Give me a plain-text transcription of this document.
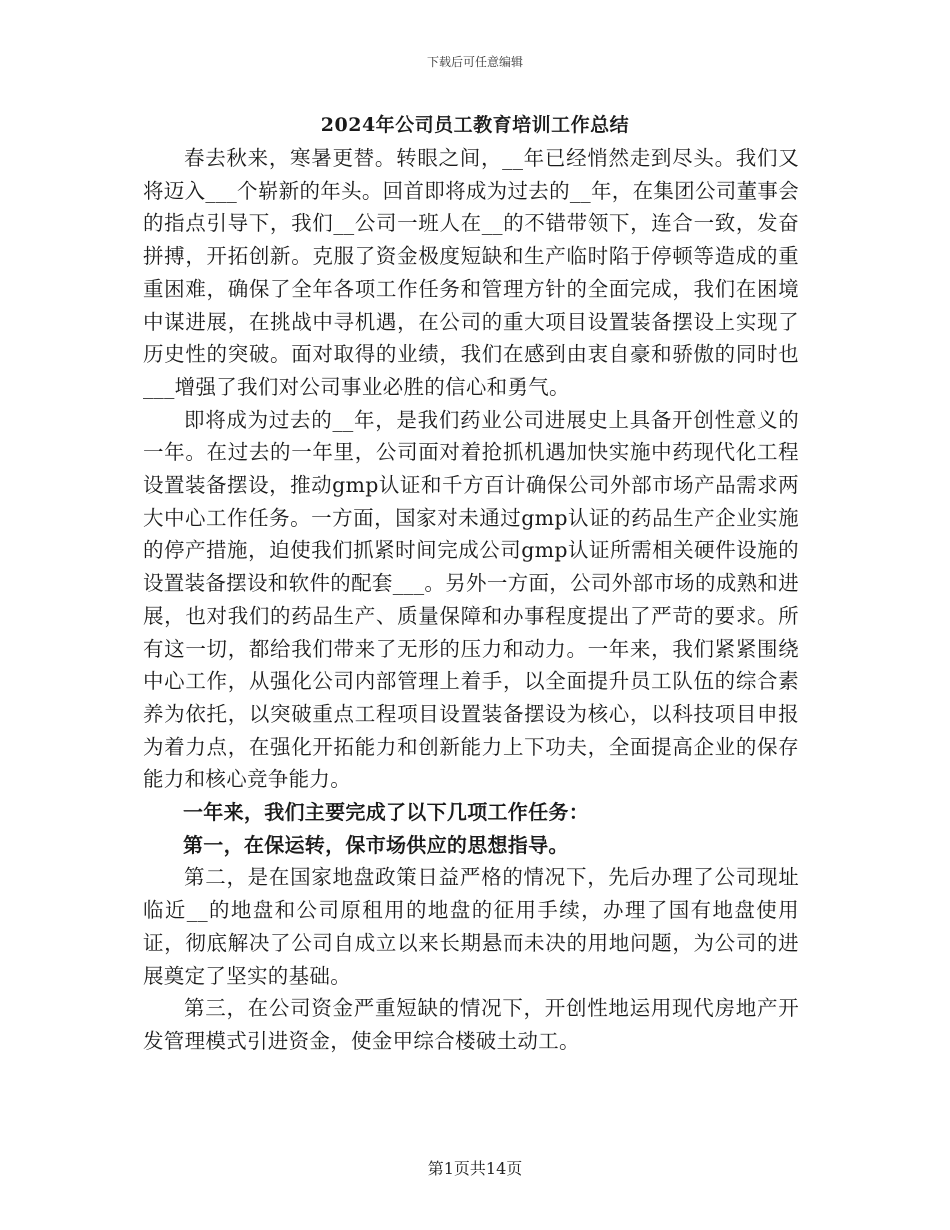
下载后可任意编辑
2024年公司员工教育培训工作总结

春去秋来，寒暑更替。转眼之间，__年已经悄然走到尽头。我们又将迈入___个崭新的年头。回首即将成为过去的__年，在集团公司董事会的指点引导下，我们__公司一班人在__的不错带领下，连合一致，发奋拼搏，开拓创新。克服了资金极度短缺和生产临时陷于停顿等造成的重重困难，确保了全年各项工作任务和管理方针的全面完成，我们在困境中谋进展，在挑战中寻机遇，在公司的重大项目设置装备摆设上实现了历史性的突破。面对取得的业绩，我们在感到由衷自豪和骄傲的同时也___增强了我们对公司事业必胜的信心和勇气。

即将成为过去的__年，是我们药业公司进展史上具备开创性意义的一年。在过去的一年里，公司面对着抢抓机遇加快实施中药现代化工程设置装备摆设，推动gmp认证和千方百计确保公司外部市场产品需求两大中心工作任务。一方面，国家对未通过gmp认证的药品生产企业实施的停产措施，迫使我们抓紧时间完成公司gmp认证所需相关硬件设施的设置装备摆设和软件的配套___。另外一方面，公司外部市场的成熟和进展，也对我们的药品生产、质量保障和办事程度提出了严苛的要求。所有这一切，都给我们带来了无形的压力和动力。一年来，我们紧紧围绕中心工作，从强化公司内部管理上着手，以全面提升员工队伍的综合素养为依托，以突破重点工程项目设置装备摆设为核心，以科技项目申报为着力点，在强化开拓能力和创新能力上下功夫，全面提高企业的保存能力和核心竞争能力。

一年来，我们主要完成了以下几项工作任务：

第一，在保运转，保市场供应的思想指导。

第二，是在国家地盘政策日益严格的情况下，先后办理了公司现址临近__的地盘和公司原租用的地盘的征用手续，办理了国有地盘使用证，彻底解决了公司自成立以来长期悬而未决的用地问题，为公司的进展奠定了坚实的基础。

第三，在公司资金严重短缺的情况下，开创性地运用现代房地产开发管理模式引进资金，使金甲综合楼破土动工。

第1页共14页
